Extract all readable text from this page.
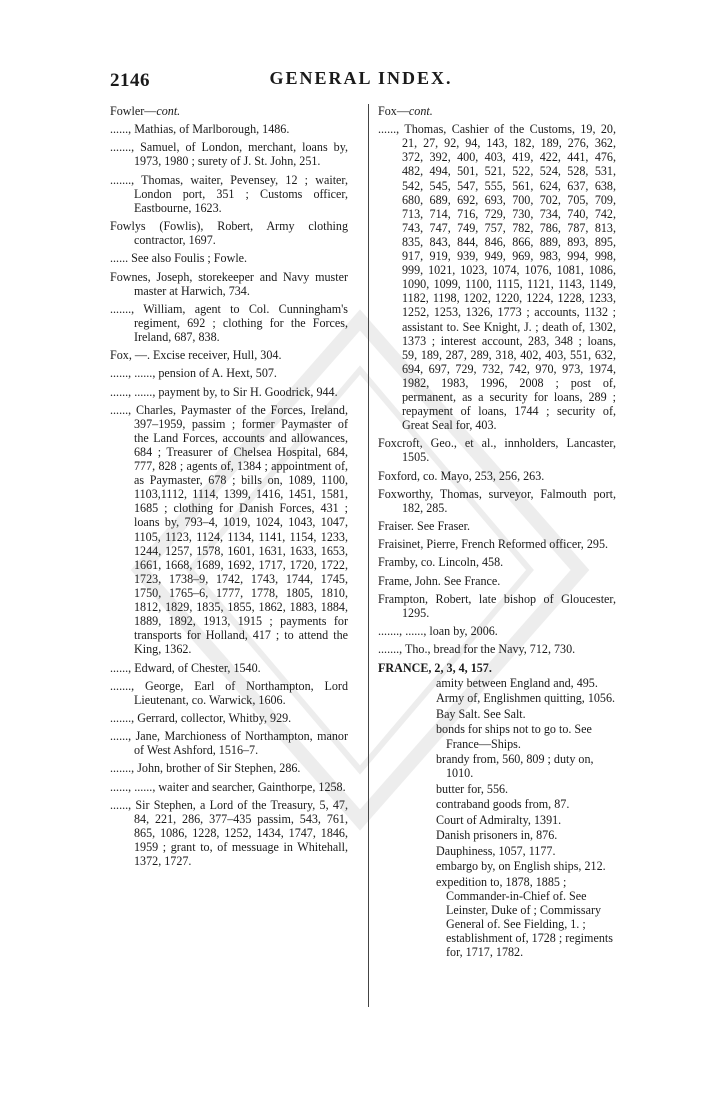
2146	GENERAL INDEX.

Fowler—cont.

......, Mathias, of Marlborough, 1486.

......., Samuel, of London, merchant, loans by, 1973, 1980 ; surety of J. St. John, 251.

......., Thomas, waiter, Pevensey, 12 ; waiter, London port, 351 ; Customs officer, Eastbourne, 1623.

Fowlys (Fowlis), Robert, Army clothing contractor, 1697.

...... See also Foulis ; Fowle.

Fownes, Joseph, storekeeper and Navy muster master at Harwich, 734.

......., William, agent to Col. Cunningham's regiment, 692 ; clothing for the Forces, Ireland, 687, 838.

Fox, —. Excise receiver, Hull, 304.

......, ......, pension of A. Hext, 507.

......, ......, payment by, to Sir H. Goodrick, 944.

......, Charles, Paymaster of the Forces, Ireland, 397–1959, passim ; former Paymaster of the Land Forces, accounts and allowances, 684 ; Treasurer of Chelsea Hospital, 684, 777, 828 ; agents of, 1384 ; appointment of, as Paymaster, 678 ; bills on, 1089, 1100, 1103,1112, 1114, 1399, 1416, 1451, 1581, 1685 ; clothing for Danish Forces, 431 ; loans by, 793–4, 1019, 1024, 1043, 1047, 1105, 1123, 1124, 1134, 1141, 1154, 1233, 1244, 1257, 1578, 1601, 1631, 1633, 1653, 1661, 1668, 1689, 1692, 1717, 1720, 1722, 1723, 1738–9, 1742, 1743, 1744, 1745, 1750, 1765–6, 1777, 1778, 1805, 1810, 1812, 1829, 1835, 1855, 1862, 1883, 1884, 1889, 1892, 1913, 1915 ; payments for transports for Holland, 417 ; to attend the King, 1362.

......, Edward, of Chester, 1540.

......., George, Earl of Northampton, Lord Lieutenant, co. Warwick, 1606.

......., Gerrard, collector, Whitby, 929.

......, Jane, Marchioness of Northampton, manor of West Ashford, 1516–7.

......., John, brother of Sir Stephen, 286.

......, ......, waiter and searcher, Gainthorpe, 1258.

......, Sir Stephen, a Lord of the Treasury, 5, 47, 84, 221, 286, 377–435 passim, 543, 761, 865, 1086, 1228, 1252, 1434, 1747, 1846, 1959 ; grant to, of messuage in Whitehall, 1372, 1727.

Fox—cont.

......, Thomas, Cashier of the Customs, 19, 20, 21, 27, 92, 94, 143, 182, 189, 276, 362, 372, 392, 400, 403, 419, 422, 441, 476, 482, 494, 501, 521, 522, 524, 528, 531, 542, 545, 547, 555, 561, 624, 637, 638, 680, 689, 692, 693, 700, 702, 705, 709, 713, 714, 716, 729, 730, 734, 740, 742, 743, 747, 749, 757, 782, 786, 787, 813, 835, 843, 844, 846, 866, 889, 893, 895, 917, 919, 939, 949, 969, 983, 994, 998, 999, 1021, 1023, 1074, 1076, 1081, 1086, 1090, 1099, 1100, 1115, 1121, 1143, 1149, 1182, 1198, 1202, 1220, 1224, 1228, 1233, 1252, 1253, 1326, 1773 ; accounts, 1132 ; assistant to. See Knight, J. ; death of, 1302, 1373 ; interest account, 283, 348 ; loans, 59, 189, 287, 289, 318, 402, 403, 551, 632, 694, 697, 729, 732, 742, 970, 973, 1974, 1982, 1983, 1996, 2008 ; post of, permanent, as a security for loans, 289 ; repayment of loans, 1744 ; security of, Great Seal for, 403.

Foxcroft, Geo., et al., innholders, Lancaster, 1505.

Foxford, co. Mayo, 253, 256, 263.

Foxworthy, Thomas, surveyor, Falmouth port, 182, 285.

Fraiser. See Fraser.

Fraisinet, Pierre, French Reformed officer, 295.

Framby, co. Lincoln, 458.

Frame, John. See France.

Frampton, Robert, late bishop of Gloucester, 1295.

......., ......, loan by, 2006.

......., Tho., bread for the Navy, 712, 730.

FRANCE, 2, 3, 4, 157.

amity between England and, 495.

Army of, Englishmen quitting, 1056.

Bay Salt. See Salt.

bonds for ships not to go to. See France—Ships.

brandy from, 560, 809 ; duty on, 1010.

butter for, 556.

contraband goods from, 87.

Court of Admiralty, 1391.

Danish prisoners in, 876.

Dauphiness, 1057, 1177.

embargo by, on English ships, 212.

expedition to, 1878, 1885 ; Commander-in-Chief of. See Leinster, Duke of ; Commissary General of. See Fielding, 1. ; establishment of, 1728 ; regiments for, 1717, 1782.
